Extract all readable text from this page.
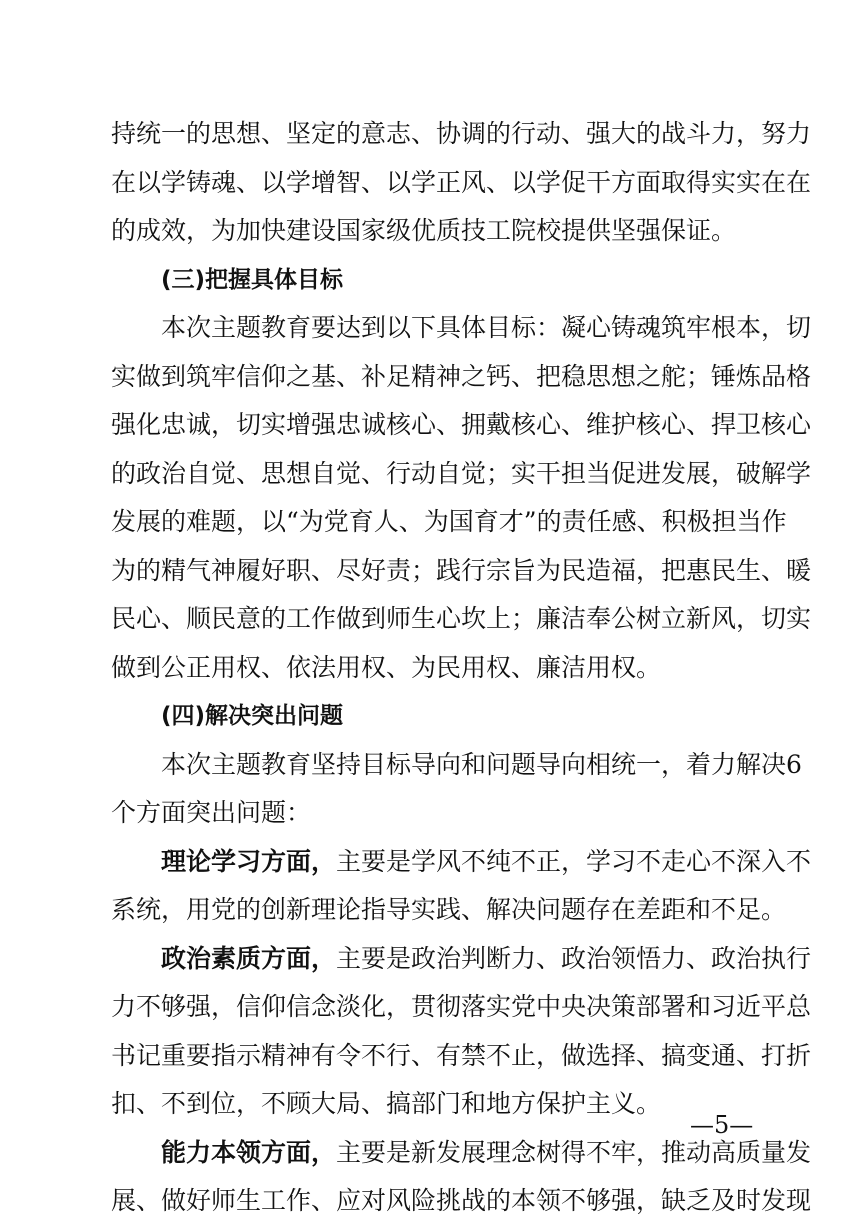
持统一的思想、坚定的意志、协调的行动、强大的战斗力，努力
在以学铸魂、以学增智、以学正风、以学促干方面取得实实在在
的成效，为加快建设国家级优质技工院校提供坚强保证。
(三)把握具体目标
本次主题教育要达到以下具体目标：凝心铸魂筑牢根本，切
实做到筑牢信仰之基、补足精神之钙、把稳思想之舵；锤炼品格
强化忠诚，切实增强忠诚核心、拥戴核心、维护核心、捍卫核心
的政治自觉、思想自觉、行动自觉；实干担当促进发展，破解学
发展的难题，以“为党育人、为国育才”的责任感、积极担当作
为的精气神履好职、尽好责；践行宗旨为民造福，把惠民生、暖
民心、顺民意的工作做到师生心坎上；廉洁奉公树立新风，切实
做到公正用权、依法用权、为民用权、廉洁用权。
(四)解决突出问题
本次主题教育坚持目标导向和问题导向相统一，着力解决6
个方面突出问题：
理论学习方面，主要是学风不纯不正，学习不走心不深入不
系统，用党的创新理论指导实践、解决问题存在差距和不足。
政治素质方面，主要是政治判断力、政治领悟力、政治执行
力不够强，信仰信念淡化，贯彻落实党中央决策部署和习近平总
书记重要指示精神有令不行、有禁不止，做选择、搞变通、打折
扣、不到位，不顾大局、搞部门和地方保护主义。
能力本领方面，主要是新发展理念树得不牢，推动高质量发
展、做好师生工作、应对风险挑战的本领不够强，缺乏及时发现
—5—
